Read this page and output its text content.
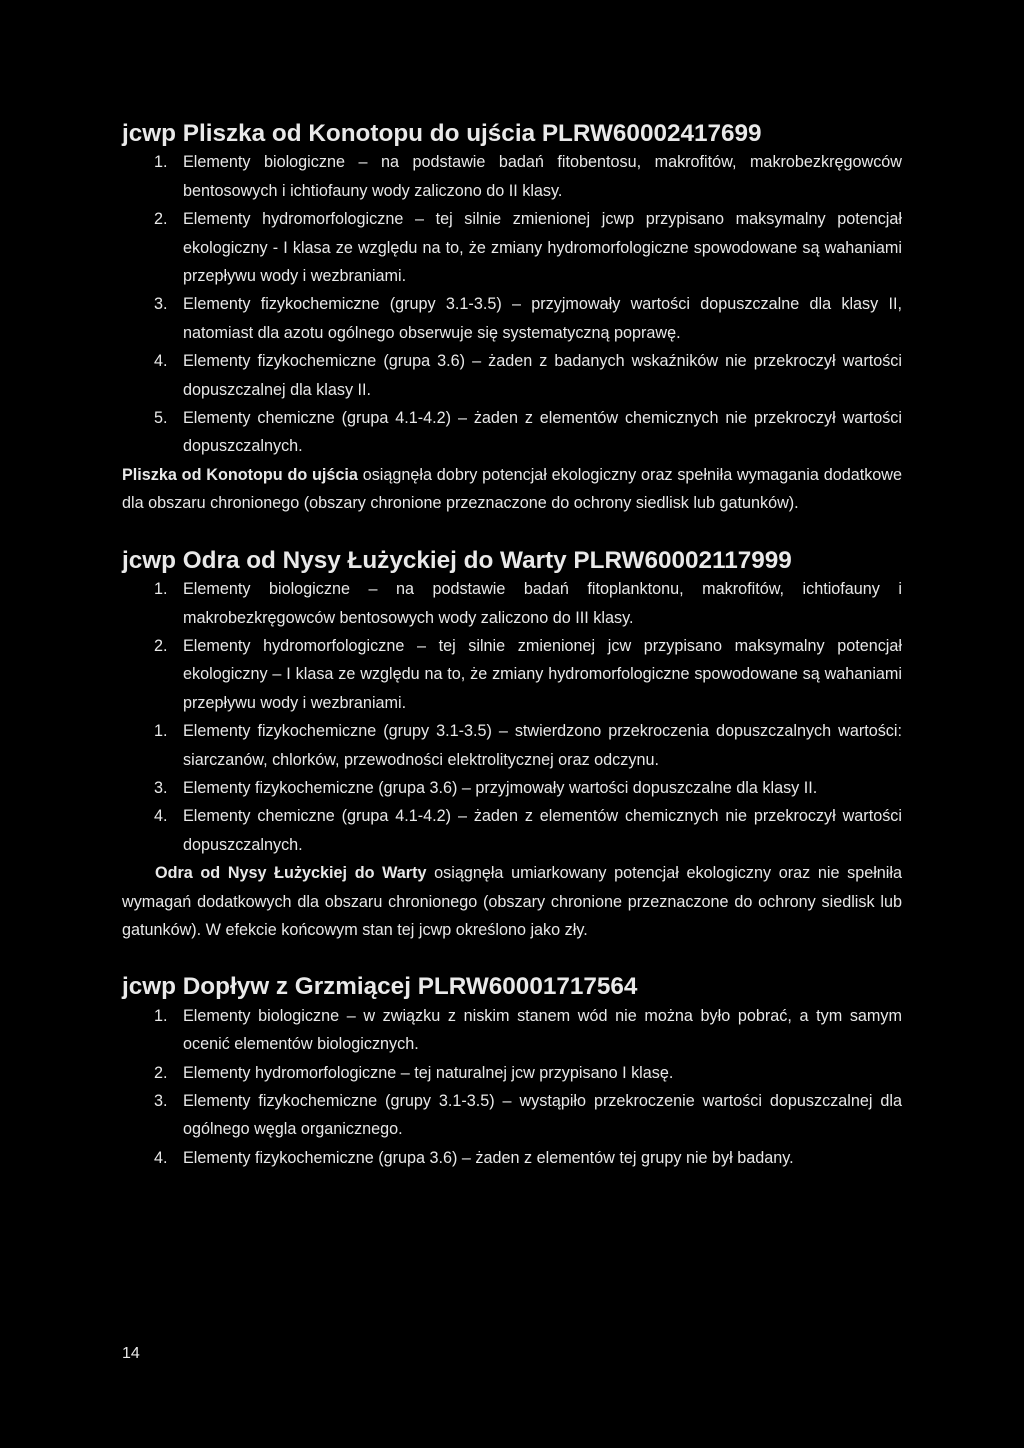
jcwp Pliszka od Konotopu do ujścia PLRW60002417699
1. Elementy biologiczne – na podstawie badań fitobentosu, makrofitów, makrobezkręgowców bentosowych i ichtiofauny wody zaliczono do II klasy.
2. Elementy hydromorfologiczne – tej silnie zmienionej jcwp przypisano maksymalny potencjał ekologiczny - I klasa ze względu na to, że zmiany hydromorfologiczne spowodowane są wahaniami przepływu wody i wezbraniami.
3. Elementy fizykochemiczne (grupy 3.1-3.5) – przyjmowały wartości dopuszczalne dla klasy II, natomiast dla azotu ogólnego obserwuje się systematyczną poprawę.
4. Elementy fizykochemiczne (grupa 3.6) – żaden z badanych wskaźników nie przekroczył wartości dopuszczalnej dla klasy II.
5. Elementy chemiczne (grupa 4.1-4.2) – żaden z elementów chemicznych nie przekroczył wartości dopuszczalnych.

Pliszka od Konotopu do ujścia osiągnęła dobry potencjał ekologiczny oraz spełniła wymagania dodatkowe dla obszaru chronionego (obszary chronione przeznaczone do ochrony siedlisk lub gatunków).

jcwp Odra od Nysy Łużyckiej do Warty PLRW60002117999
1. Elementy biologiczne – na podstawie badań fitoplanktonu, makrofitów, ichtiofauny i makrobezkręgowców bentosowych wody zaliczono do III klasy.
2. Elementy hydromorfologiczne – tej silnie zmienionej jcw przypisano maksymalny potencjał ekologiczny – I klasa ze względu na to, że zmiany hydromorfologiczne spowodowane są wahaniami przepływu wody i wezbraniami.
1. Elementy fizykochemiczne (grupy 3.1-3.5) – stwierdzono przekroczenia dopuszczalnych wartości: siarczanów, chlorków, przewodności elektrolitycznej oraz odczynu.
3. Elementy fizykochemiczne (grupa 3.6) – przyjmowały wartości dopuszczalne dla klasy II.
4. Elementy chemiczne (grupa 4.1-4.2) – żaden z elementów chemicznych nie przekroczył wartości dopuszczalnych.

Odra od Nysy Łużyckiej do Warty osiągnęła umiarkowany potencjał ekologiczny oraz nie spełniła wymagań dodatkowych dla obszaru chronionego (obszary chronione przeznaczone do ochrony siedlisk lub gatunków). W efekcie końcowym stan tej jcwp określono jako zły.

jcwp Dopływ z Grzmiącej PLRW60001717564
1. Elementy biologiczne – w związku z niskim stanem wód nie można było pobrać, a tym samym ocenić elementów biologicznych.
2. Elementy hydromorfologiczne – tej naturalnej jcw przypisano I klasę.
3. Elementy fizykochemiczne (grupy 3.1-3.5) – wystąpiło przekroczenie wartości dopuszczalnej dla ogólnego węgla organicznego.
4. Elementy fizykochemiczne (grupa 3.6) – żaden z elementów tej grupy nie był badany.
14
